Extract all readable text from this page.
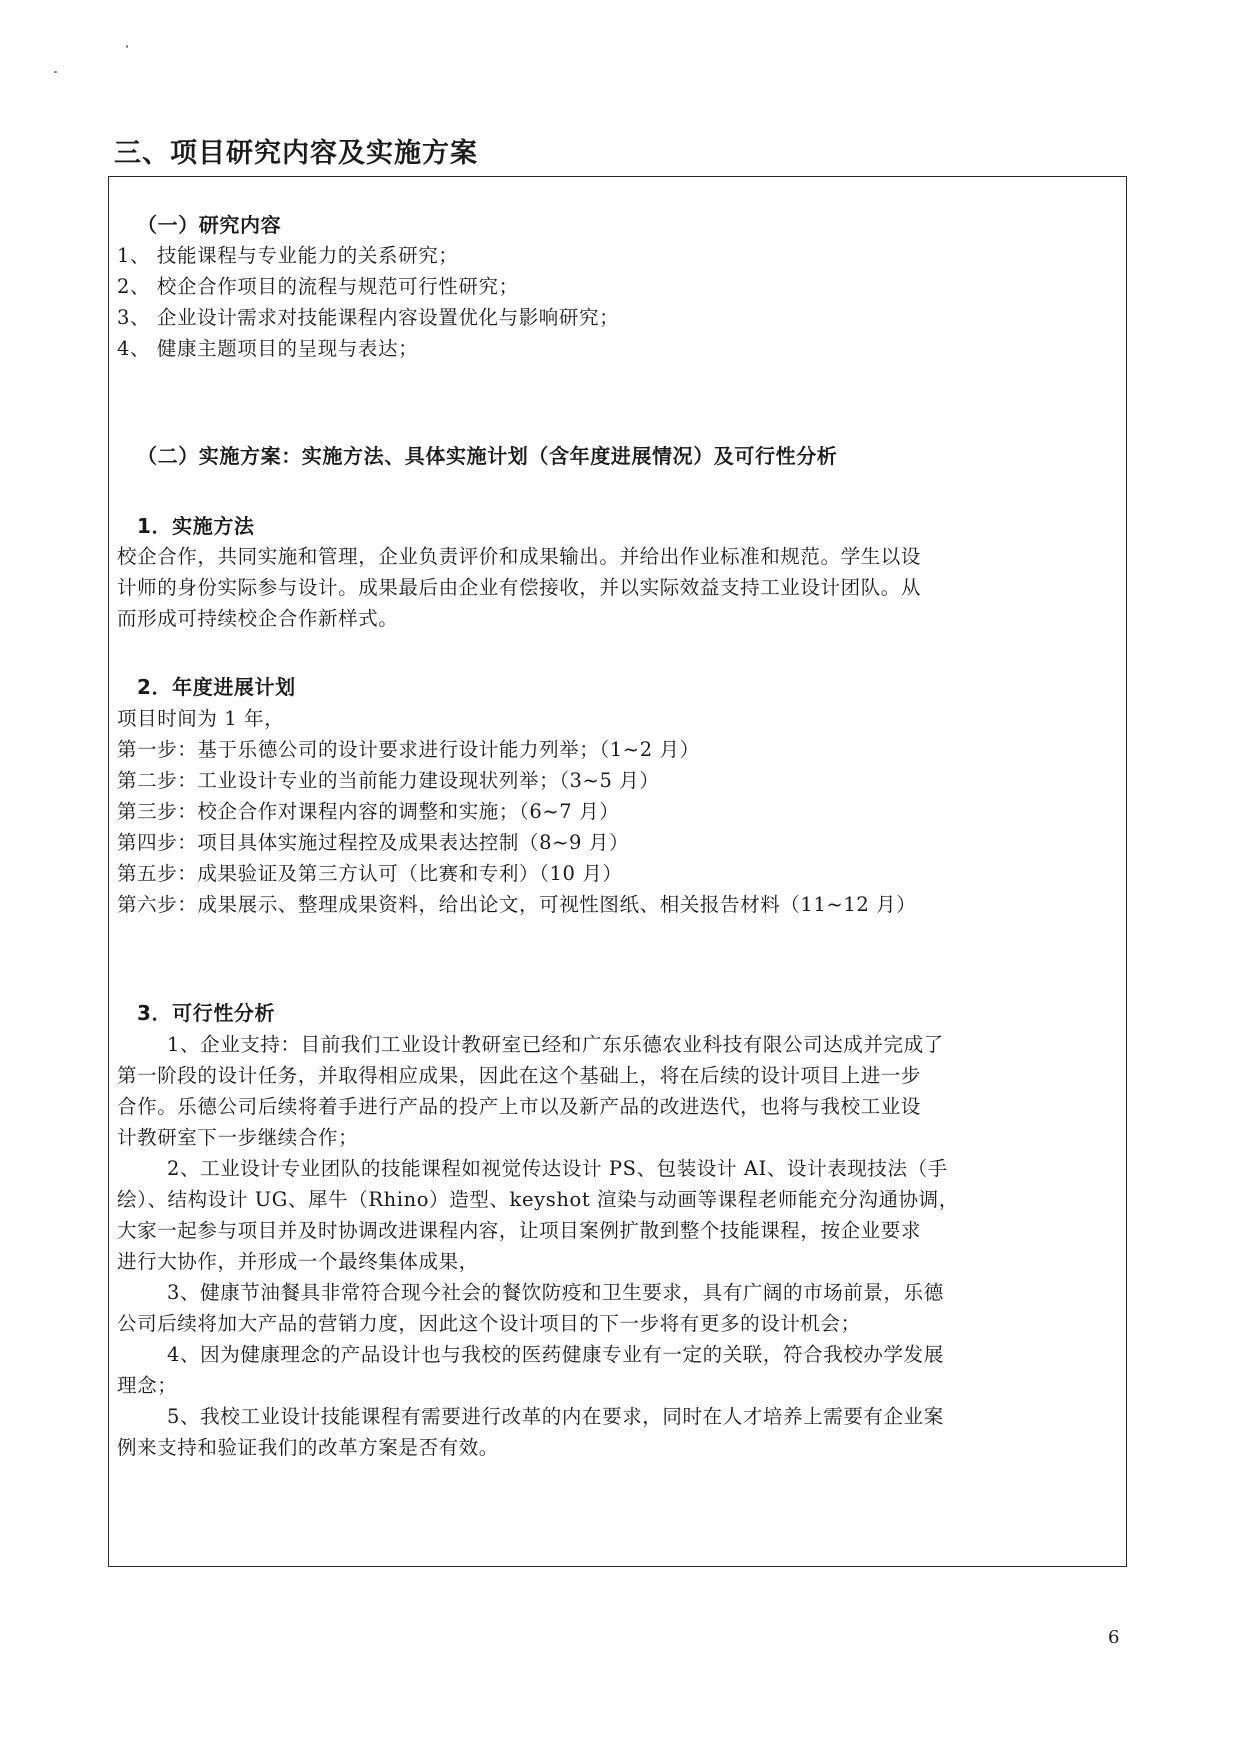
三、项目研究内容及实施方案
（一）研究内容
1、 技能课程与专业能力的关系研究；
2、 校企合作项目的流程与规范可行性研究；
3、 企业设计需求对技能课程内容设置优化与影响研究；
4、 健康主题项目的呈现与表达；
（二）实施方案：实施方法、具体实施计划（含年度进展情况）及可行性分析
1．实施方法
校企合作，共同实施和管理，企业负责评价和成果输出。并给出作业标准和规范。学生以设
计师的身份实际参与设计。成果最后由企业有偿接收，并以实际效益支持工业设计团队。从
而形成可持续校企合作新样式。
2．年度进展计划
项目时间为 1 年，
第一步：基于乐德公司的设计要求进行设计能力列举；（1~2 月）
第二步：工业设计专业的当前能力建设现状列举；（3~5 月）
第三步：校企合作对课程内容的调整和实施；（6~7 月）
第四步：项目具体实施过程控及成果表达控制（8~9 月）
第五步：成果验证及第三方认可（比赛和专利）（10 月）
第六步：成果展示、整理成果资料，给出论文，可视性图纸、相关报告材料（11~12 月）
3．可行性分析
1、企业支持：目前我们工业设计教研室已经和广东乐德农业科技有限公司达成并完成了
第一阶段的设计任务，并取得相应成果，因此在这个基础上，将在后续的设计项目上进一步
合作。乐德公司后续将着手进行产品的投产上市以及新产品的改进迭代，也将与我校工业设
计教研室下一步继续合作；
2、工业设计专业团队的技能课程如视觉传达设计 PS、包装设计 AI、设计表现技法（手
绘）、结构设计 UG、犀牛（Rhino）造型、keyshot 渲染与动画等课程老师能充分沟通协调，
大家一起参与项目并及时协调改进课程内容，让项目案例扩散到整个技能课程，按企业要求
进行大协作，并形成一个最终集体成果，
3、健康节油餐具非常符合现今社会的餐饮防疫和卫生要求，具有广阔的市场前景，乐德
公司后续将加大产品的营销力度，因此这个设计项目的下一步将有更多的设计机会；
4、因为健康理念的产品设计也与我校的医药健康专业有一定的关联，符合我校办学发展
理念；
5、我校工业设计技能课程有需要进行改革的内在要求，同时在人才培养上需要有企业案
例来支持和验证我们的改革方案是否有效。
6
